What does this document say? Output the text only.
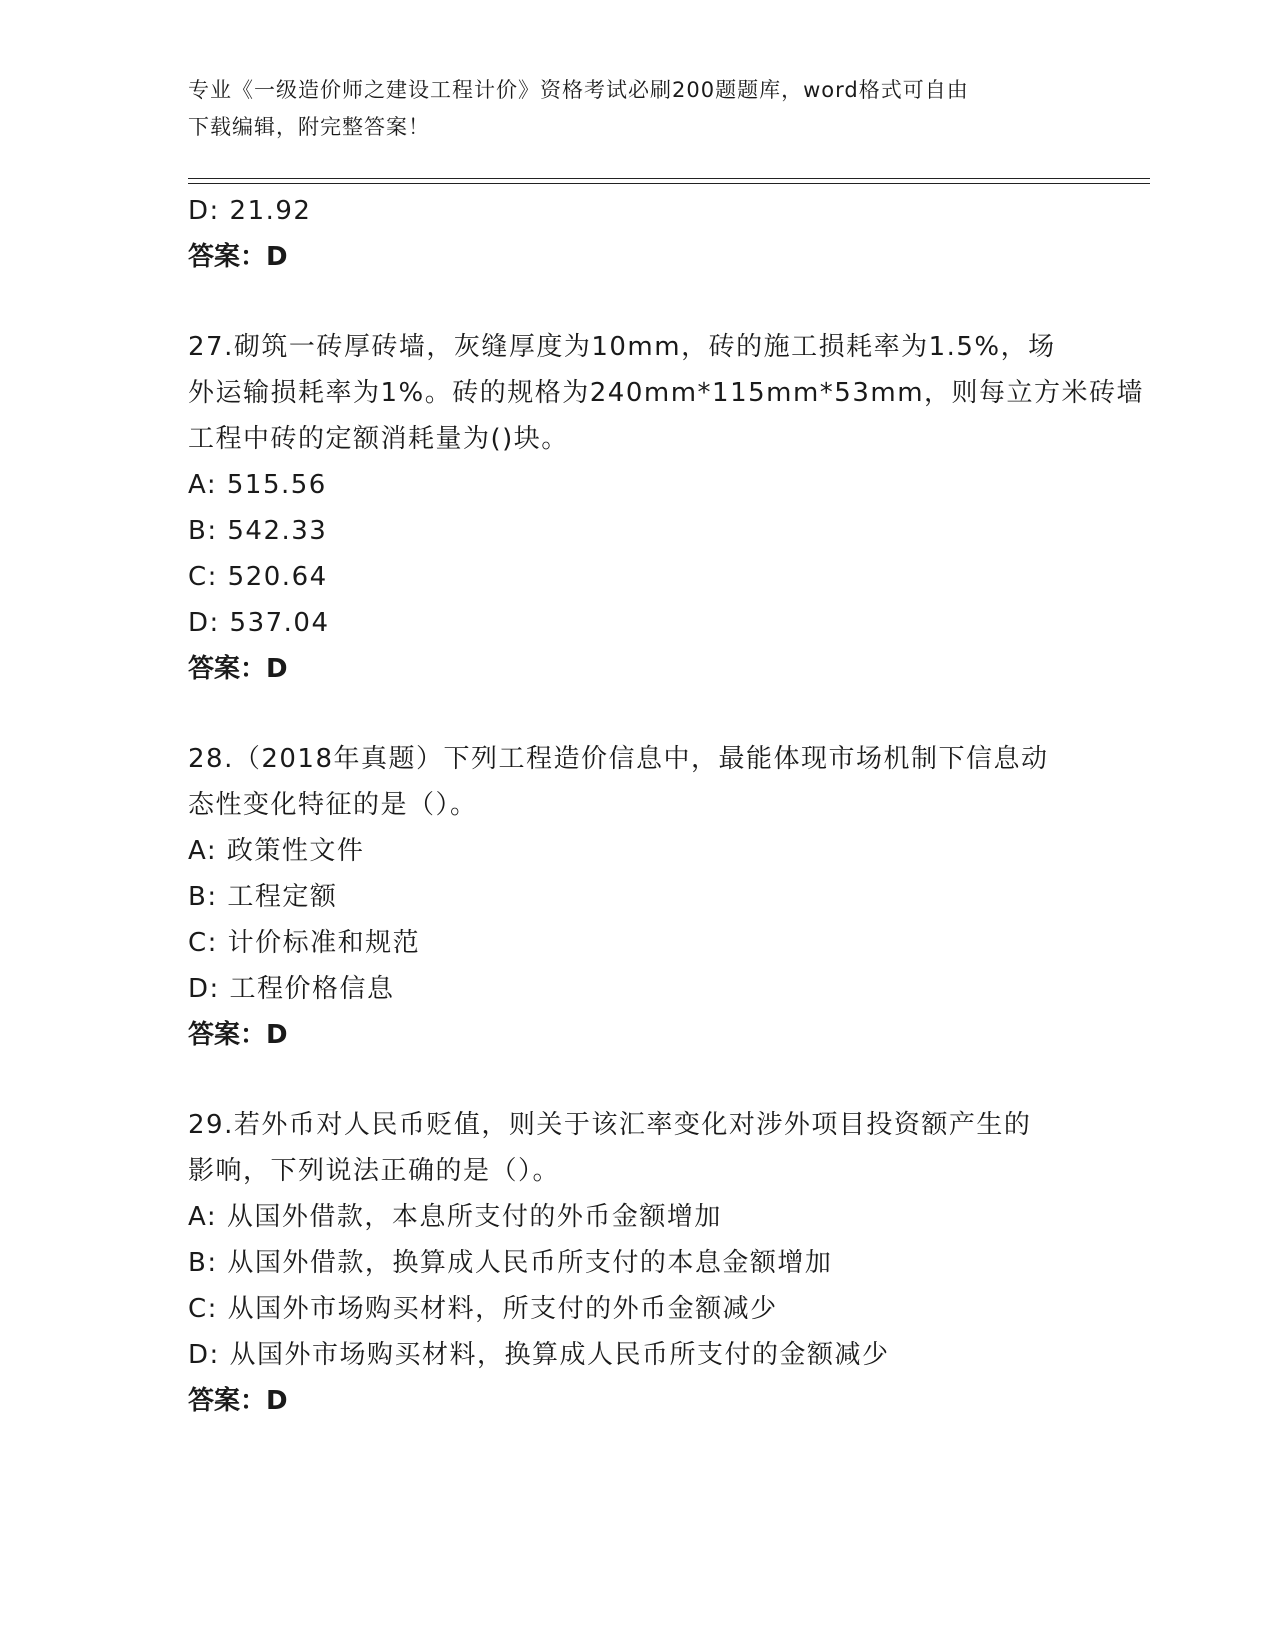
专业《一级造价师之建设工程计价》资格考试必刷200题题库，word格式可自由
下载编辑，附完整答案！
D: 21.92
答案：D
27.砌筑一砖厚砖墙，灰缝厚度为10mm，砖的施工损耗率为1.5%，场
外运输损耗率为1%。砖的规格为240mm*115mm*53mm，则每立方米砖墙
工程中砖的定额消耗量为()块。
A: 515.56
B: 542.33
C: 520.64
D: 537.04
答案：D
28.（2018年真题）下列工程造价信息中，最能体现市场机制下信息动
态性变化特征的是（）。
A: 政策性文件
B: 工程定额
C: 计价标准和规范
D: 工程价格信息
答案：D
29.若外币对人民币贬值，则关于该汇率变化对涉外项目投资额产生的
影响，下列说法正确的是（）。
A: 从国外借款，本息所支付的外币金额增加
B: 从国外借款，换算成人民币所支付的本息金额增加
C: 从国外市场购买材料，所支付的外币金额减少
D: 从国外市场购买材料，换算成人民币所支付的金额减少
答案：D
